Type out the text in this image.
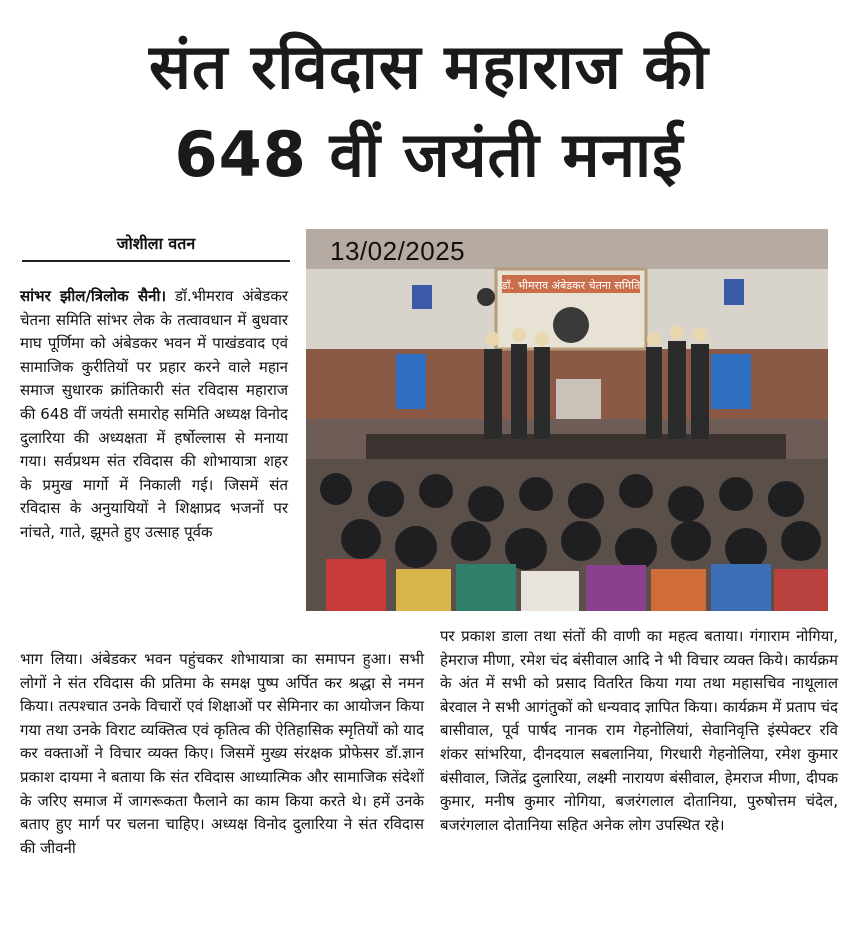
संत रविदास महाराज की
648 वीं जयंती मनाई
जोशीला वतन

सांभर झील/त्रिलोक सैनी। डॉ.भीमराव अंबेडकर चेतना समिति सांभर लेक के तत्वावधान में बुधवार माघ पूर्णिमा को अंबेडकर भवन में पाखंडवाद एवं सामाजिक कुरीतियों पर प्रहार करने वाले महान समाज सुधारक क्रांतिकारी संत रविदास महाराज की 648 वीं जयंती समारोह समिति अध्यक्ष विनोद दुलारिया की अध्यक्षता में हर्षोल्लास से मनाया गया। सर्वप्रथम संत रविदास की शोभायात्रा शहर के प्रमुख मार्गो में निकाली गई। जिसमें संत रविदास के अनुयायियों ने शिक्षाप्रद भजनों पर नांचते, गाते, झूमते हुए उत्साह पूर्वक

डॉ. भीमराव अंबेडकर चेतना समिति
13/02/2025

भाग लिया। अंबेडकर भवन पहुंचकर शोभायात्रा का समापन हुआ। सभी लोगों ने संत रविदास की प्रतिमा के समक्ष पुष्प अर्पित कर श्रद्धा से नमन किया। तत्पश्चात उनके विचारों एवं शिक्षाओं पर सेमिनार का आयोजन किया गया तथा उनके विराट व्यक्तित्व एवं कृतित्व की ऐतिहासिक स्मृतियों को याद कर वक्ताओं ने विचार व्यक्त किए। जिसमें मुख्य संरक्षक प्रोफेसर डॉ.ज्ञान प्रकाश दायमा ने बताया कि संत रविदास आध्यात्मिक और सामाजिक संदेशों के जरिए समाज में जागरूकता फैलाने का काम किया करते थे। हमें उनके बताए हुए मार्ग पर चलना चाहिए। अध्यक्ष विनोद दुलारिया ने संत रविदास की जीवनी

पर प्रकाश डाला तथा संतों की वाणी का महत्व बताया। गंगाराम नोगिया, हेमराज मीणा, रमेश चंद बंसीवाल आदि ने भी विचार व्यक्त किये। कार्यक्रम के अंत में सभी को प्रसाद वितरित किया गया तथा महासचिव नाथूलाल बेरवाल ने सभी आगंतुकों को धन्यवाद ज्ञापित किया। कार्यक्रम में प्रताप चंद बासीवाल, पूर्व पार्षद नानक राम गेहनोलियां, सेवानिवृत्ति इंस्पेक्टर रवि शंकर सांभरिया, दीनदयाल सबलानिया, गिरधारी गेहनोलिया, रमेश कुमार बंसीवाल, जितेंद्र दुलारिया, लक्ष्मी नारायण बंसीवाल, हेमराज मीणा, दीपक कुमार, मनीष कुमार नोगिया, बजरंगलाल दोतानिया, पुरुषोत्तम चंदेल, बजरंगलाल दोतानिया सहित अनेक लोग उपस्थित रहे।
